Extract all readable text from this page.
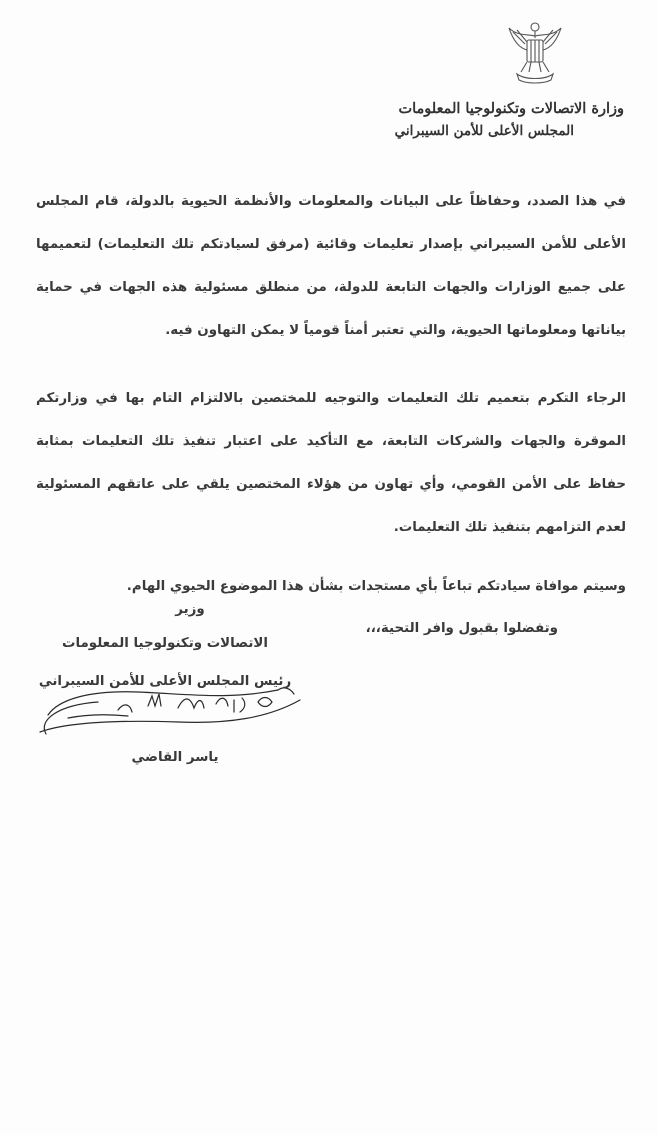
وزارة الاتصالات وتكنولوجيا المعلومات
المجلس الأعلى للأمن السيبراني

في هذا الصدد، وحفاظاً على البيانات والمعلومات والأنظمة الحيوية بالدولة، قام المجلس الأعلى للأمن السيبراني بإصدار تعليمات وقائية (مرفق لسيادتكم تلك التعليمات) لتعميمها على جميع الوزارات والجهات التابعة للدولة، من منطلق مسئولية هذه الجهات في حماية بياناتها ومعلوماتها الحيوية، والتي تعتبر أمناً قومياً لا يمكن التهاون فيه.

الرجاء التكرم بتعميم تلك التعليمات والتوجيه للمختصين بالالتزام التام بها في وزارتكم الموقرة والجهات والشركات التابعة، مع التأكيد على اعتبار تنفيذ تلك التعليمات بمثابة حفاظ على الأمن القومي، وأي تهاون من هؤلاء المختصين يلقي على عاتقهم المسئولية لعدم التزامهم بتنفيذ تلك التعليمات.

وسيتم موافاة سيادتكم تباعاً بأي مستجدات بشأن هذا الموضوع الحيوي الهام.

وتفضلوا بقبول وافر التحية،،،

وزير
الاتصالات وتكنولوجيا المعلومات
رئيس المجلس الأعلى للأمن السيبراني
ياسر القاضي
